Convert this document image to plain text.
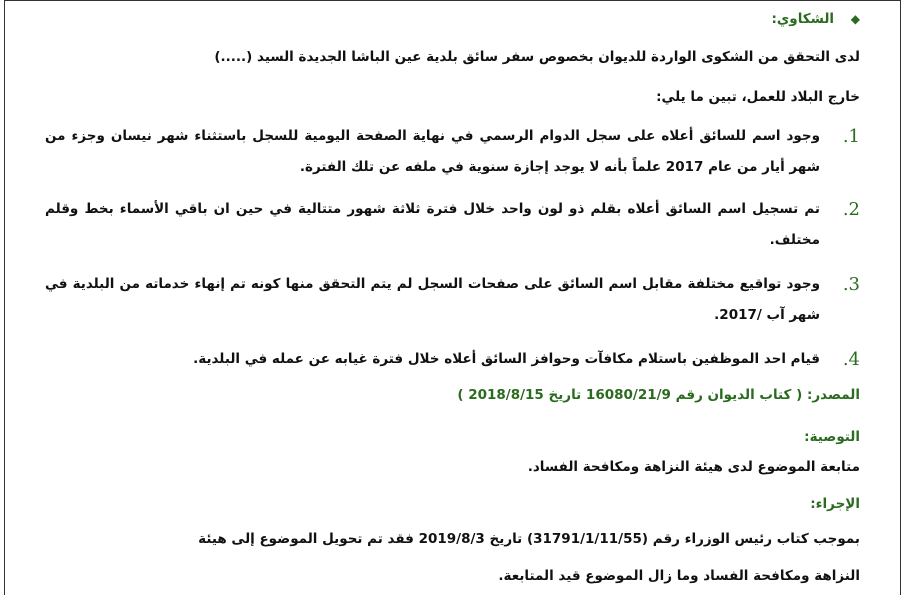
◆ الشكاوي:
لدى التحقق من الشكوى الواردة للديوان بخصوص سفر سائق بلدية عين الباشا الجديدة السيد (.....)
خارج البلاد للعمل، تبين ما يلي:
1.
وجود اسم للسائق أعلاه على سجل الدوام الرسمي في نهاية الصفحة اليومية للسجل باستثناء شهر نيسان وجزء من شهر أيار من عام 2017 علماً بأنه لا يوجد إجازة سنوية في ملفه عن تلك الفترة.
2.
تم تسجيل اسم السائق أعلاه بقلم ذو لون واحد خلال فترة ثلاثة شهور متتالية في حين ان باقي الأسماء بخط وقلم مختلف.
3.
وجود تواقيع مختلفة مقابل اسم السائق على صفحات السجل لم يتم التحقق منها كونه تم إنهاء خدماته من البلدية في شهر آب /2017.
4.
قيام احد الموظفين باستلام مكافآت وحوافز السائق أعلاه خلال فترة غيابه عن عمله في البلدية.
المصدر: ( كتاب الديوان رقم 16080/21/9 تاريخ 2018/8/15 )
التوصية:
متابعة الموضوع لدى هيئة النزاهة ومكافحة الفساد.
الإجراء:
بموجب كتاب رئيس الوزراء رقم (31791/1/11/55) تاريخ 2019/8/3 فقد تم تحويل الموضوع إلى هيئة
النزاهة ومكافحة الفساد وما زال الموضوع قيد المتابعة.
